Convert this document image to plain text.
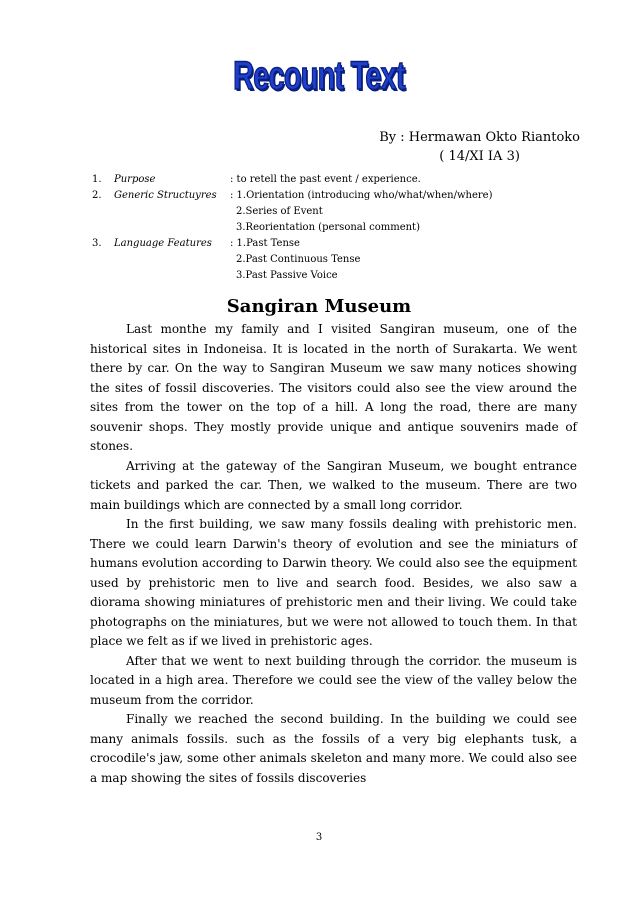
Recount Text
By : Hermawan Okto Riantoko
( 14/XI IA 3)
1.	Purpose	: to retell the past event / experience.
2.	Generic Structuyres	: 1.Orientation (introducing who/what/when/where)
2.Series of Event
3.Reorientation (personal comment)
3.	Language Features	: 1.Past Tense
2.Past Continuous Tense
3.Past Passive Voice
Sangiran Museum

Last monthe my family and I visited Sangiran museum, one of the historical sites in Indoneisa. It is located in the north of Surakarta. We went there by car. On the way to Sangiran Museum we saw many notices showing the sites of fossil discoveries. The visitors could also see the view around the sites from the tower on the top of a hill. A long the road, there are many souvenir shops. They mostly provide unique and antique souvenirs made of stones.

Arriving at the gateway of the Sangiran Museum, we bought entrance tickets and parked the car. Then, we walked to the museum. There are two main buildings which are connected by a small long corridor.

In the first building, we saw many fossils dealing with prehistoric men. There we could learn Darwin's theory of evolution and see the miniaturs of humans evolution according to Darwin theory. We could also see the equipment used by prehistoric men to live and search food. Besides, we also saw a diorama showing miniatures of prehistoric men and their living. We could take photographs on the miniatures, but we were not allowed to touch them. In that place we felt as if we lived in prehistoric ages.

After that we went to next building through the corridor. the museum is located in a high area. Therefore we could see the view of the valley below the museum from the corridor.

Finally we reached the second building. In the building we could see many animals fossils. such as the fossils of a very big elephants tusk, a crocodile's jaw, some other animals skeleton and many more. We could also see a map showing the sites of fossils discoveries

3
